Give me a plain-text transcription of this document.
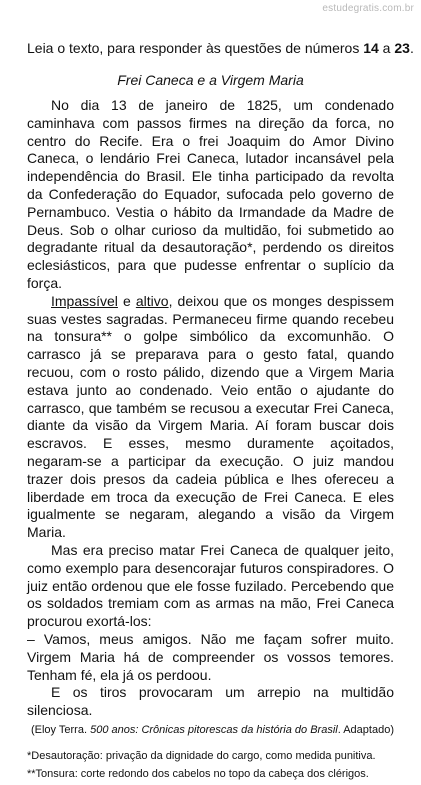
estudegratis.com.br

Leia o texto, para responder às questões de números 14 a 23.

Frei Caneca e a Virgem Maria

No dia 13 de janeiro de 1825, um condenado caminhava com passos firmes na direção da forca, no centro do Recife. Era o frei Joaquim do Amor Divino Caneca, o lendário Frei Caneca, lutador incansável pela independência do Brasil. Ele tinha participado da revolta da Confederação do Equador, sufocada pelo governo de Pernambuco. Vestia o hábito da Irmandade da Madre de Deus. Sob o olhar curioso da multidão, foi submetido ao degradante ritual da desautoração*, perdendo os direitos eclesiásticos, para que pudesse enfrentar o suplício da força.

Impassível e altivo, deixou que os monges despissem suas vestes sagradas. Permaneceu firme quando recebeu na tonsura** o golpe simbólico da excomunhão. O carrasco já se preparava para o gesto fatal, quando recuou, com o rosto pálido, dizendo que a Virgem Maria estava junto ao condenado. Veio então o ajudante do carrasco, que também se recusou a executar Frei Caneca, diante da visão da Virgem Maria. Aí foram buscar dois escravos. E esses, mesmo duramente açoitados, negaram-se a participar da execução. O juiz mandou trazer dois presos da cadeia pública e lhes ofereceu a liberdade em troca da execução de Frei Caneca. E eles igualmente se negaram, alegando a visão da Virgem Maria.

Mas era preciso matar Frei Caneca de qualquer jeito, como exemplo para desencorajar futuros conspiradores. O juiz então ordenou que ele fosse fuzilado. Percebendo que os soldados tremiam com as armas na mão, Frei Caneca procurou exortá-los:

– Vamos, meus amigos. Não me façam sofrer muito. Virgem Maria há de compreender os vossos temores. Tenham fé, ela já os perdoou.

E os tiros provocaram um arrepio na multidão silenciosa.

(Eloy Terra. 500 anos: Crônicas pitorescas da história do Brasil. Adaptado)

*Desautoração: privação da dignidade do cargo, como medida punitiva.

**Tonsura: corte redondo dos cabelos no topo da cabeça dos clérigos.
